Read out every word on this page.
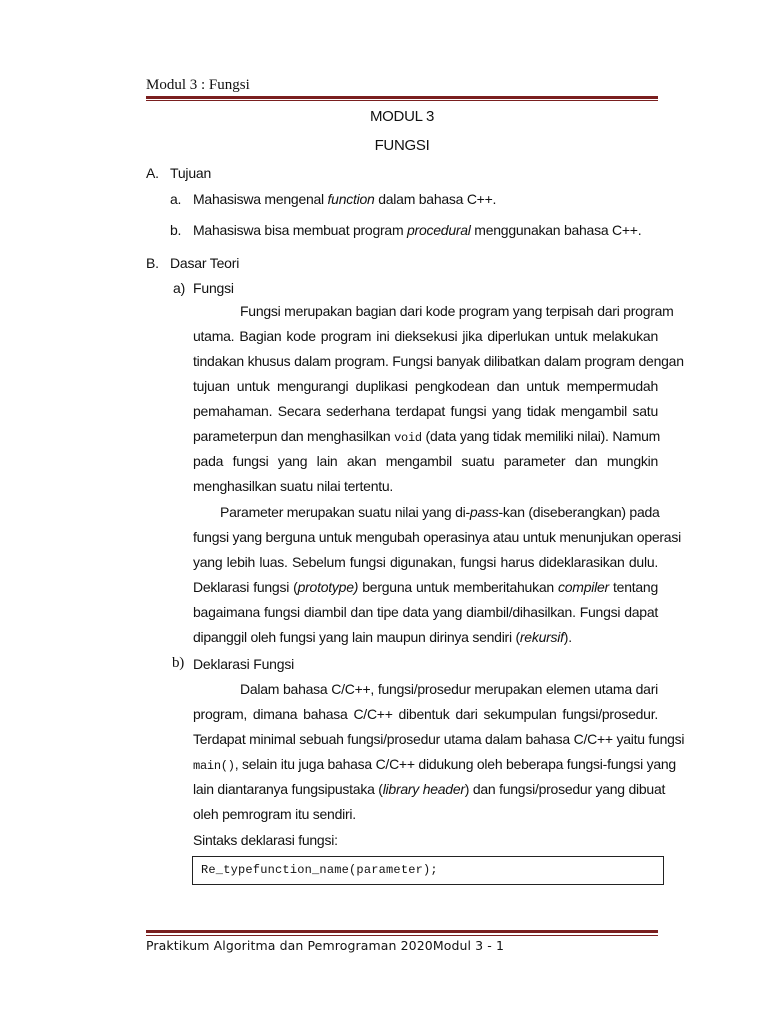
Modul 3 : Fungsi
MODUL 3
FUNGSI
A. Tujuan
a. Mahasiswa mengenal function dalam bahasa C++.
b. Mahasiswa bisa membuat program procedural menggunakan bahasa C++.
B. Dasar Teori
a) Fungsi
Fungsi merupakan bagian dari kode program yang terpisah dari program
utama. Bagian kode program ini dieksekusi jika diperlukan untuk melakukan
tindakan khusus dalam program. Fungsi banyak dilibatkan dalam program dengan
tujuan untuk mengurangi duplikasi pengkodean dan untuk mempermudah
pemahaman. Secara sederhana terdapat fungsi yang tidak mengambil satu
parameterpun dan menghasilkan void (data yang tidak memiliki nilai). Namum
pada fungsi yang lain akan mengambil suatu parameter dan mungkin
menghasilkan suatu nilai tertentu.
Parameter merupakan suatu nilai yang di-pass-kan (diseberangkan) pada
fungsi yang berguna untuk mengubah operasinya atau untuk menunjukan operasi
yang lebih luas. Sebelum fungsi digunakan, fungsi harus dideklarasikan dulu.
Deklarasi fungsi (prototype) berguna untuk memberitahukan compiler tentang
bagaimana fungsi diambil dan tipe data yang diambil/dihasilkan. Fungsi dapat
dipanggil oleh fungsi yang lain maupun dirinya sendiri (rekursif).
b) Deklarasi Fungsi
Dalam bahasa C/C++, fungsi/prosedur merupakan elemen utama dari
program, dimana bahasa C/C++ dibentuk dari sekumpulan fungsi/prosedur.
Terdapat minimal sebuah fungsi/prosedur utama dalam bahasa C/C++ yaitu fungsi
main(), selain itu juga bahasa C/C++ didukung oleh beberapa fungsi-fungsi yang
lain diantaranya fungsipustaka (library header) dan fungsi/prosedur yang dibuat
oleh pemrogram itu sendiri.
Sintaks deklarasi fungsi:
Re_typefunction_name(parameter);
Praktikum Algoritma dan Pemrograman 2020Modul 3 - 1
